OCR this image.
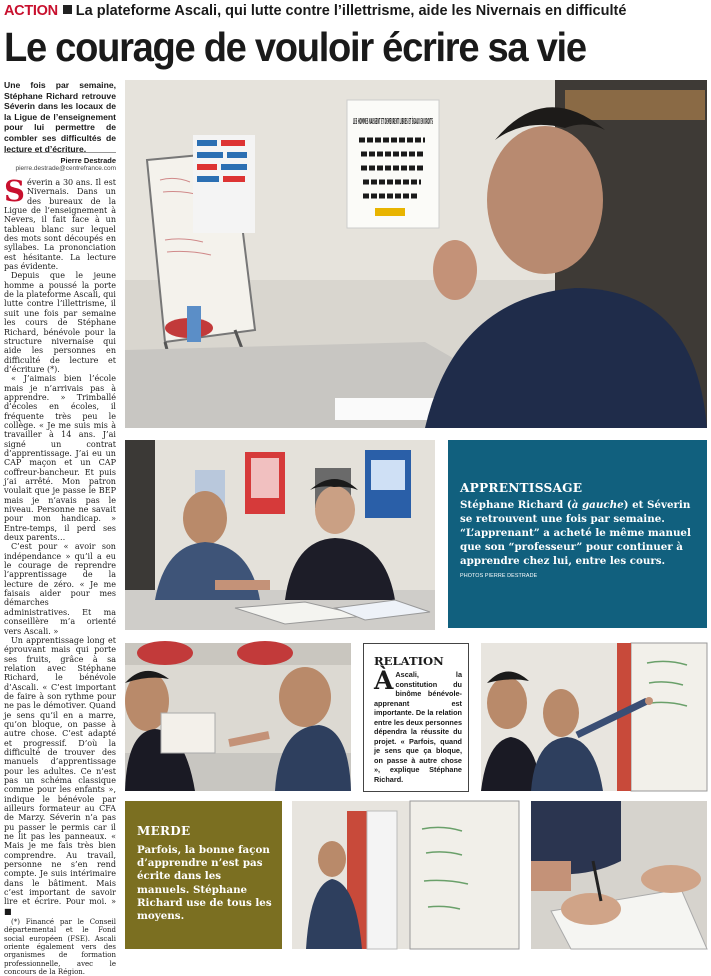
ACTION La plateforme Ascali, qui lutte contre l’illettrisme, aide les Nivernais en difficulté
Le courage de vouloir écrire sa vie
Une fois par semaine, Stéphane Richard retrouve Séverin dans les locaux de la Ligue de l’enseignement pour lui permettre de combler ses difficultés de lecture et d’écriture.
Pierre Destrade
pierre.destrade@centrefrance.com

Séverin a 30 ans. Il est Nivernais. Dans un des bureaux de la Ligue de l’enseignement à Nevers, il fait face à un tableau blanc sur lequel des mots sont découpés en syllabes. La prononciation est hésitante. La lecture pas évidente.

Depuis que le jeune homme a poussé la porte de la plateforme Ascali, qui lutte contre l’illettrisme, il suit une fois par semaine les cours de Stéphane Richard, bénévole pour la structure nivernaise qui aide les personnes en difficulté de lecture et d’écriture (*).

« J’aimais bien l’école mais je n’arrivais pas à apprendre. » Trimballé d’écoles en écoles, il fréquente très peu le collège. « Je me suis mis à travailler à 14 ans. J’ai signé un contrat d’apprentissage. J’ai eu un CAP maçon et un CAP coffreur-bancheur. Et puis j’ai arrêté. Mon patron voulait que je passe le BEP mais je n’avais pas le niveau. Personne ne savait pour mon handicap. » Entre-temps, il perd ses deux parents…

C’est pour « avoir son indépendance » qu’il a eu le courage de reprendre l’apprentissage de la lecture de zéro. « Je me faisais aider pour mes démarches administratives. Et ma conseillère m’a orienté vers Ascali. »

Un apprentissage long et éprouvant mais qui porte ses fruits, grâce à sa relation avec Stéphane Richard, le bénévole d’Ascali. « C’est important de faire à son rythme pour ne pas le démotiver. Quand je sens qu’il en a marre, qu’on bloque, on passe à autre chose. C’est adapté et progressif. D’où la difficulté de trouver des manuels d’apprentissage pour les adultes. Ce n’est pas un schéma classique comme pour les enfants », indique le bénévole par ailleurs formateur au CFA de Marzy. Séverin n’a pas pu passer le permis car il ne lit pas les panneaux. « Mais je me fais très bien comprendre. Au travail, personne ne s’en rend compte. Je suis intérimaire dans le bâtiment. Mais c’est important de savoir lire et écrire. Pour moi. » ■

(*) Financé par le Conseil départemental et le Fond social européen (FSE). Ascali oriente également vers des organismes de formation professionnelle, avec le concours de la Région.

LES HOMMES NAISSENT ET DEMEURENT LIBRES ET ÉGAUX EN DROITS
APPRENTISSAGE
Stéphane Richard (à gauche) et Séverin se retrouvent une fois par semaine. “L’apprenant” a acheté le même manuel que son “professeur” pour continuer à apprendre chez lui, entre les cours.
PHOTOS PIERRE DESTRADE
RELATION
À Ascali, la constitution du binôme bénévole-apprenant est importante. De la relation entre les deux personnes dépendra la réussite du projet. « Parfois, quand je sens que ça bloque, on passe à autre chose », explique Stéphane Richard.
MERDE
Parfois, la bonne façon d’apprendre n’est pas écrite dans les manuels. Stéphane Richard use de tous les moyens.
